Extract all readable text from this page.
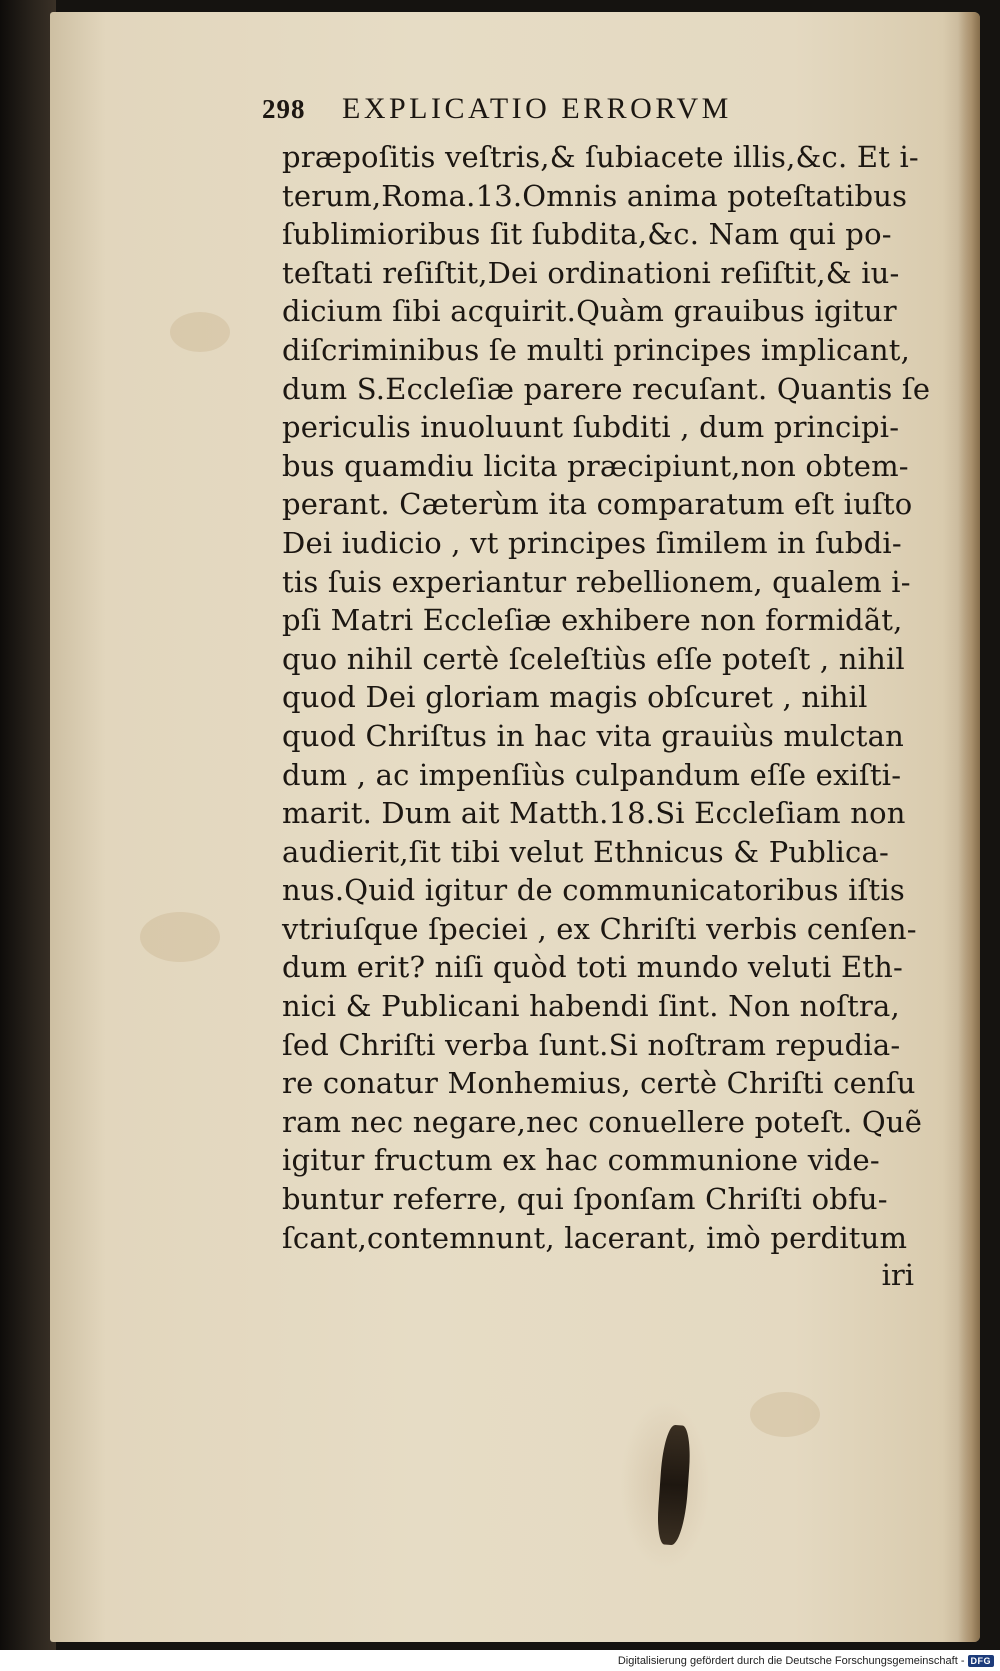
298	EXPLICATIO ERRORVM
præpoſitis veſtris,& ſubiacete illis,&c. Et i-
terum,Roma.13.Omnis anima poteſtatibus
ſublimioribus ſit ſubdita,&c. Nam qui po-
teſtati reſiſtit,Dei ordinationi reſiſtit,& iu-
dicium ſibi acquirit.Quàm grauibus igitur
diſcriminibus ſe multi principes implicant,
dum S.Eccleſiæ parere recuſant. Quantis ſe
periculis inuoluunt ſubditi , dum principi-
bus quamdiu licita præcipiunt,non obtem-
perant. Cæterùm ita comparatum eſt iuſto
Dei iudicio , vt principes ſimilem in ſubdi-
tis ſuis experiantur rebellionem, qualem i-
pſi Matri Eccleſiæ exhibere non formidãt,
quo nihil certè ſceleſtiùs eſſe poteſt , nihil
quod Dei gloriam magis obſcuret , nihil
quod Chriſtus in hac vita grauiùs mulctan
dum , ac impenſiùs culpandum eſſe exiſti-
marit. Dum ait Matth.18.Si Eccleſiam non
audierit,ſit tibi velut Ethnicus & Publica-
nus.Quid igitur de communicatoribus iſtis
vtriuſque ſpeciei , ex Chriſti verbis cenſen-
dum erit? niſi quòd toti mundo veluti Eth-
nici & Publicani habendi ſint. Non noſtra,
ſed Chriſti verba ſunt.Si noſtram repudia-
re conatur Monhemius, certè Chriſti cenſu
ram nec negare,nec conuellere poteſt. Quẽ
igitur fructum ex hac communione vide-
buntur referre, qui ſponſam Chriſti obfu-
ſcant,contemnunt, lacerant, imò perditum
iri
Digitalisierung gefördert durch die Deutsche Forschungsgemeinschaft - DFG
